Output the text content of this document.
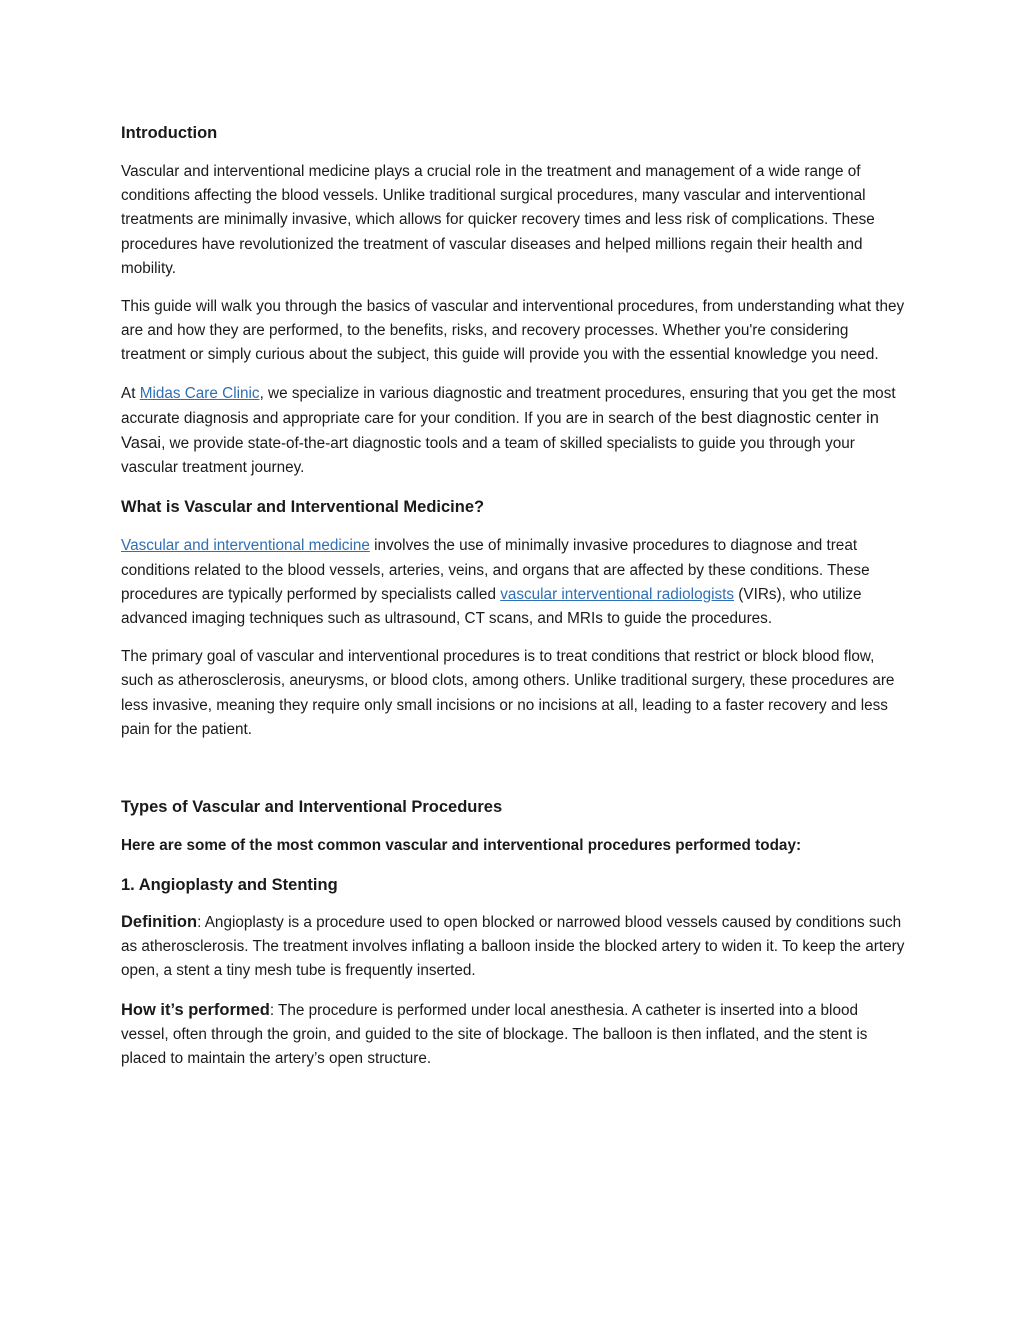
Introduction

Vascular and interventional medicine plays a crucial role in the treatment and management of a wide range of conditions affecting the blood vessels. Unlike traditional surgical procedures, many vascular and interventional treatments are minimally invasive, which allows for quicker recovery times and less risk of complications. These procedures have revolutionized the treatment of vascular diseases and helped millions regain their health and mobility.

This guide will walk you through the basics of vascular and interventional procedures, from understanding what they are and how they are performed, to the benefits, risks, and recovery processes. Whether you're considering treatment or simply curious about the subject, this guide will provide you with the essential knowledge you need.

At Midas Care Clinic, we specialize in various diagnostic and treatment procedures, ensuring that you get the most accurate diagnosis and appropriate care for your condition. If you are in search of the best diagnostic center in Vasai, we provide state-of-the-art diagnostic tools and a team of skilled specialists to guide you through your vascular treatment journey.

What is Vascular and Interventional Medicine?

Vascular and interventional medicine involves the use of minimally invasive procedures to diagnose and treat conditions related to the blood vessels, arteries, veins, and organs that are affected by these conditions. These procedures are typically performed by specialists called vascular interventional radiologists (VIRs), who utilize advanced imaging techniques such as ultrasound, CT scans, and MRIs to guide the procedures.

The primary goal of vascular and interventional procedures is to treat conditions that restrict or block blood flow, such as atherosclerosis, aneurysms, or blood clots, among others. Unlike traditional surgery, these procedures are less invasive, meaning they require only small incisions or no incisions at all, leading to a faster recovery and less pain for the patient.

Types of Vascular and Interventional Procedures
Here are some of the most common vascular and interventional procedures performed today:
1. Angioplasty and Stenting

Definition: Angioplasty is a procedure used to open blocked or narrowed blood vessels caused by conditions such as atherosclerosis. The treatment involves inflating a balloon inside the blocked artery to widen it. To keep the artery open, a stent a tiny mesh tube is frequently inserted.

How it’s performed: The procedure is performed under local anesthesia. A catheter is inserted into a blood vessel, often through the groin, and guided to the site of blockage. The balloon is then inflated, and the stent is placed to maintain the artery’s open structure.
